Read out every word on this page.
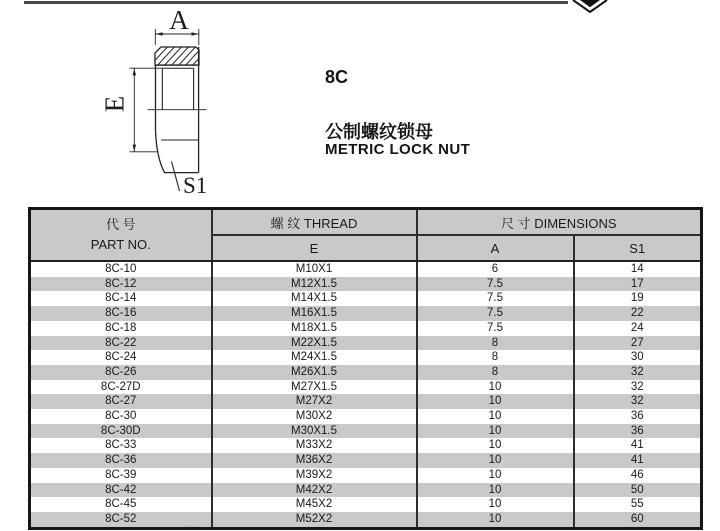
A
E
S1
8C
公制螺纹锁母
METRIC LOCK NUT
代 号
PART NO.	螺 纹 THREAD	尺 寸 DIMENSIONS	
	E	A	S1
8C-10	M10X1	6	14
8C-12	M12X1.5	7.5	17
8C-14	M14X1.5	7.5	19
8C-16	M16X1.5	7.5	22
8C-18	M18X1.5	7.5	24
8C-22	M22X1.5	8	27
8C-24	M24X1.5	8	30
8C-26	M26X1.5	8	32
8C-27D	M27X1.5	10	32
8C-27	M27X2	10	32
8C-30	M30X2	10	36
8C-30D	M30X1.5	10	36
8C-33	M33X2	10	41
8C-36	M36X2	10	41
8C-39	M39X2	10	46
8C-42	M42X2	10	50
8C-45	M45X2	10	55
8C-52	M52X2	10	60
